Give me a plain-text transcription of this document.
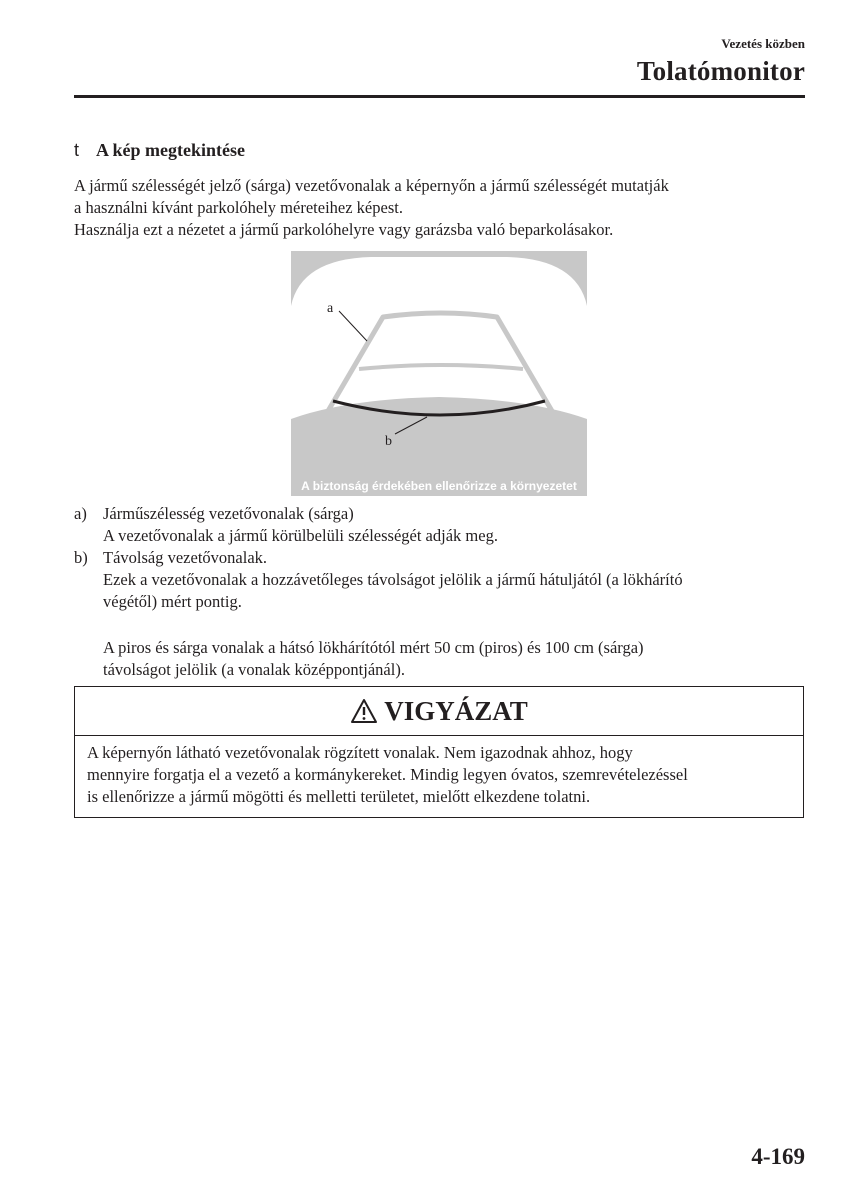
Vezetés közben
Tolatómonitor
t A kép megtekintése

A jármű szélességét jelző (sárga) vezetővonalak a képernyőn a jármű szélességét mutatják

a használni kívánt parkolóhely méreteihez képest.

Használja ezt a nézetet a jármű parkolóhelyre vagy garázsba való beparkolásakor.

a
b
A biztonság érdekében ellenőrizze a környezetet
a) Járműszélesség vezetővonalak (sárga)
A vezetővonalak a jármű körülbelüli szélességét adják meg.
b) Távolság vezetővonalak.
Ezek a vezetővonalak a hozzávetőleges távolságot jelölik a jármű hátuljától (a lökhárító
végétől) mért pontig.
A piros és sárga vonalak a hátsó lökhárítótól mért 50 cm (piros) és 100 cm (sárga)
távolságot jelölik (a vonalak középpontjánál).
VIGYÁZAT
A képernyőn látható vezetővonalak rögzített vonalak. Nem igazodnak ahhoz, hogy
mennyire forgatja el a vezető a kormánykereket. Mindig legyen óvatos, szemrevételezéssel
is ellenőrizze a jármű mögötti és melletti területet, mielőtt elkezdene tolatni.
4-169
